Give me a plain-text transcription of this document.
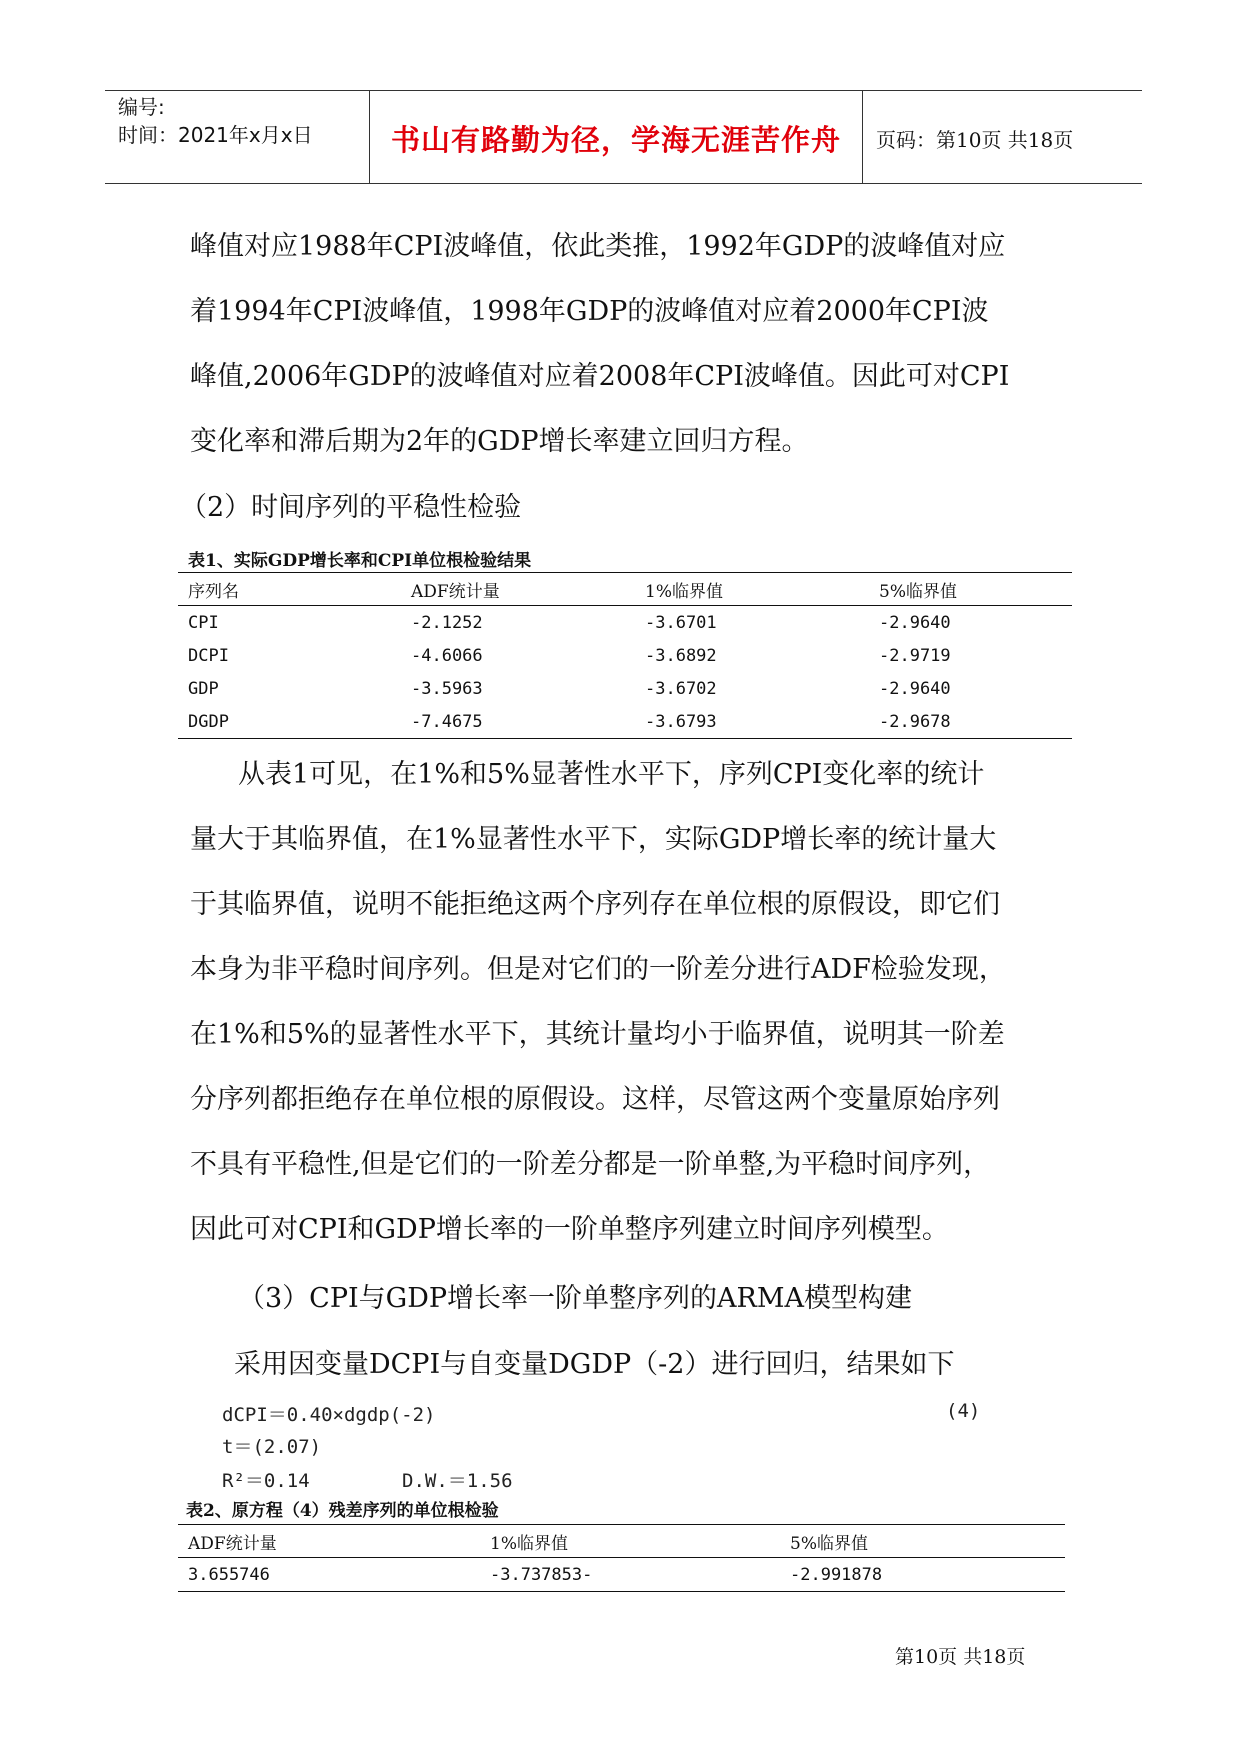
编号:
时间：2021年x月x日	书山有路勤为径，学海无涯苦作舟	页码：第10页 共18页
峰值对应1988年CPI波峰值，依此类推，1992年GDP的波峰值对应
着1994年CPI波峰值，1998年GDP的波峰值对应着2000年CPI波
峰值,2006年GDP的波峰值对应着2008年CPI波峰值。因此可对CPI
变化率和滞后期为2年的GDP增长率建立回归方程。
（2）时间序列的平稳性检验
表1、实际GDP增长率和CPI单位根检验结果
序列名	ADF统计量	1%临界值	5%临界值
CPI	-2.1252	-3.6701	-2.9640
DCPI	-4.6066	-3.6892	-2.9719
GDP	-3.5963	-3.6702	-2.9640
DGDP	-7.4675	-3.6793	-2.9678
从表1可见，在1%和5%显著性水平下，序列CPI变化率的统计
量大于其临界值，在1%显著性水平下，实际GDP增长率的统计量大
于其临界值，说明不能拒绝这两个序列存在单位根的原假设，即它们
本身为非平稳时间序列。但是对它们的一阶差分进行ADF检验发现，
在1%和5%的显著性水平下，其统计量均小于临界值，说明其一阶差
分序列都拒绝存在单位根的原假设。这样，尽管这两个变量原始序列
不具有平稳性,但是它们的一阶差分都是一阶单整,为平稳时间序列，
因此可对CPI和GDP增长率的一阶单整序列建立时间序列模型。
（3）CPI与GDP增长率一阶单整序列的ARMA模型构建
采用因变量DCPI与自变量DGDP（-2）进行回归，结果如下
dCPI＝0.40×dgdp(-2)	(4)
t＝(2.07)
R²＝0.14	D.W.＝1.56
表2、原方程（4）残差序列的单位根检验
ADF统计量	1%临界值	5%临界值
3.655746	-3.737853-	-2.991878
第10页 共18页
